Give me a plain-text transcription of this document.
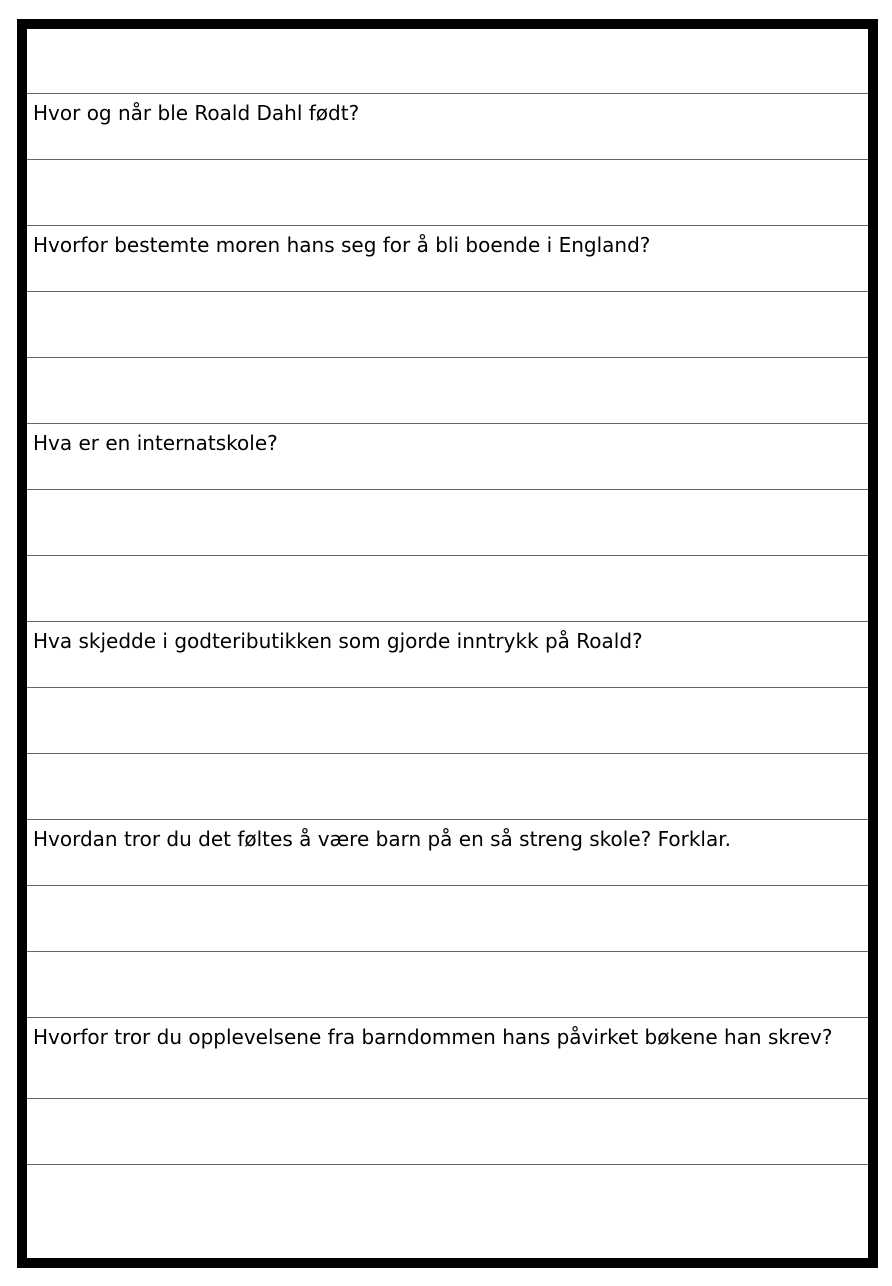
Hvor og når ble Roald Dahl født?
Hvorfor bestemte moren hans seg for å bli boende i England?
Hva er en internatskole?
Hva skjedde i godteributikken som gjorde inntrykk på Roald?
Hvordan tror du det føltes å være barn på en så streng skole? Forklar.
Hvorfor tror du opplevelsene fra barndommen hans påvirket bøkene han skrev?
